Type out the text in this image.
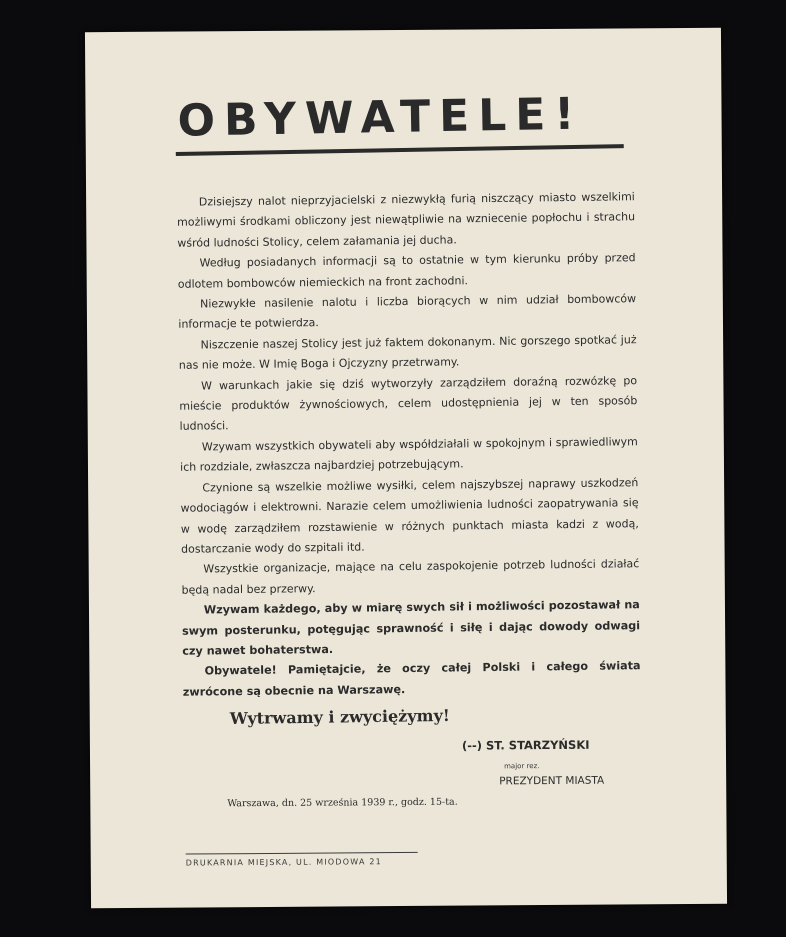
OBYWATELE!

Dzisiejszy nalot nieprzyjacielski z niezwykłą furią niszczący miasto wszelkimi możliwymi środkami obliczony jest niewątpliwie na wzniecenie popłochu i strachu wśród ludności Stolicy, celem załamania jej ducha.

Według posiadanych informacji są to ostatnie w tym kierunku próby przed odlotem bombowców niemieckich na front zachodni.

Niezwykłe nasilenie nalotu i liczba biorących w nim udział bombowców informacje te potwierdza.

Niszczenie naszej Stolicy jest już faktem dokonanym. Nic gorszego spotkać już nas nie może. W Imię Boga i Ojczyzny przetrwamy.

W warunkach jakie się dziś wytworzyły zarządziłem doraźną rozwózkę po mieście produktów żywnościowych, celem udostępnienia jej w ten sposób ludności.

Wzywam wszystkich obywateli aby współdziałali w spokojnym i sprawiedliwym ich rozdziale, zwłaszcza najbardziej potrzebującym.

Czynione są wszelkie możliwe wysiłki, celem najszybszej naprawy uszkodzeń wodociągów i elektrowni. Narazie celem umożliwienia ludności zaopatrywania się w wodę zarządziłem rozstawienie w różnych punktach miasta kadzi z wodą, dostarczanie wody do szpitali itd.

Wszystkie organizacje, mające na celu zaspokojenie potrzeb ludności działać będą nadal bez przerwy.

Wzywam każdego, aby w miarę swych sił i możliwości pozostawał na swym posterunku, potęgując sprawność i siłę i dając dowody odwagi czy nawet bohaterstwa.

Obywatele! Pamiętajcie, że oczy całej Polski i całego świata zwrócone są obecnie na Warszawę.

Wytrwamy i zwyciężymy!
(--) ST. STARZYŃSKI
major rez.
PREZYDENT MIASTA
Warszawa, dn. 25 września 1939 r., godz. 15-ta.
DRUKARNIA MIEJSKA, UL. MIODOWA 21
